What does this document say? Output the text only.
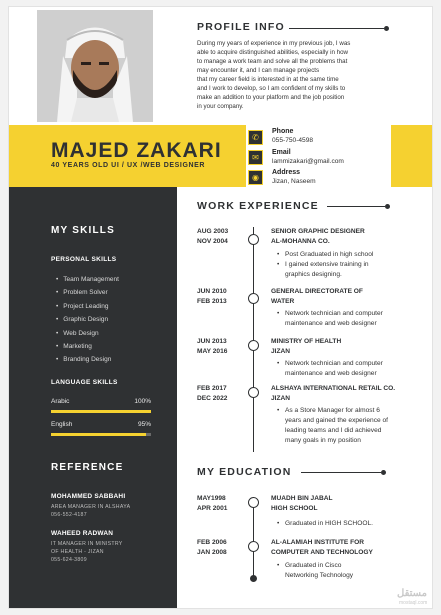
PROFILE INFO

During my years of experience in my previous job, I was

able to acquire distinguished abilities, especially in how

to manage a work team and solve all the problems that

may encounter it, and I can manage projects

that my career field is interested in at the same time

and I work to develop, so I am confident of my skills to

make an addition to your platform and the job position

in your company.

MAJED ZAKARI
40 YEARS OLD UI / UX /WEB DESIGNER
✆
Phone
055-750-4598
✉
Email
lammizakari@gmail.com
◉
Address
Jizan, Naseem
MY SKILLS
PERSONAL SKILLS
• Team Management
• Problem Solver
• Project Leading
• Graphic Design
• Web Design
• Marketing
• Branding Design
LANGUAGE SKILLS
Arabic	100%
English	95%
REFERENCE
MOHAMMED SABBAHI
AREA MANAGER IN ALSHAYA
056-552-4187
WAHEED RADWAN
IT MANAGER IN MINISTRY
OF HEALTH - JIZAN
055-624-3809
WORK EXPERIENCE
AUG 2003
NOV 2004
SENIOR GRAPHIC DESIGNER
AL-MOHANNA CO.
• Post Graduated in high school
• I gained extensive training in
graphics designing.
JUN 2010
FEB 2013
GENERAL DIRECTORATE OF
WATER
• Network technician and computer
maintenance and web designer
JUN 2013
MAY 2016
MINISTRY OF HEALTH
JIZAN
• Network technician and computer
maintenance and web designer
FEB 2017
DEC 2022
ALSHAYA INTERNATIONAL RETAIL CO.
JIZAN
• As a Store Manager for almost 6
years and gained the experience of
leading teams and I did achieved
many goals in my position
MY EDUCATION
MAY1998
APR 2001
MUADH BIN JABAL
HIGH SCHOOL
• Graduated in HIGH SCHOOL.
FEB 2006
JAN 2008
AL-ALAMIAH INSTITUTE FOR
COMPUTER AND TECHNOLOGY
• Graduated in Cisco
Networking Technology
مستقل
mostaql.com
